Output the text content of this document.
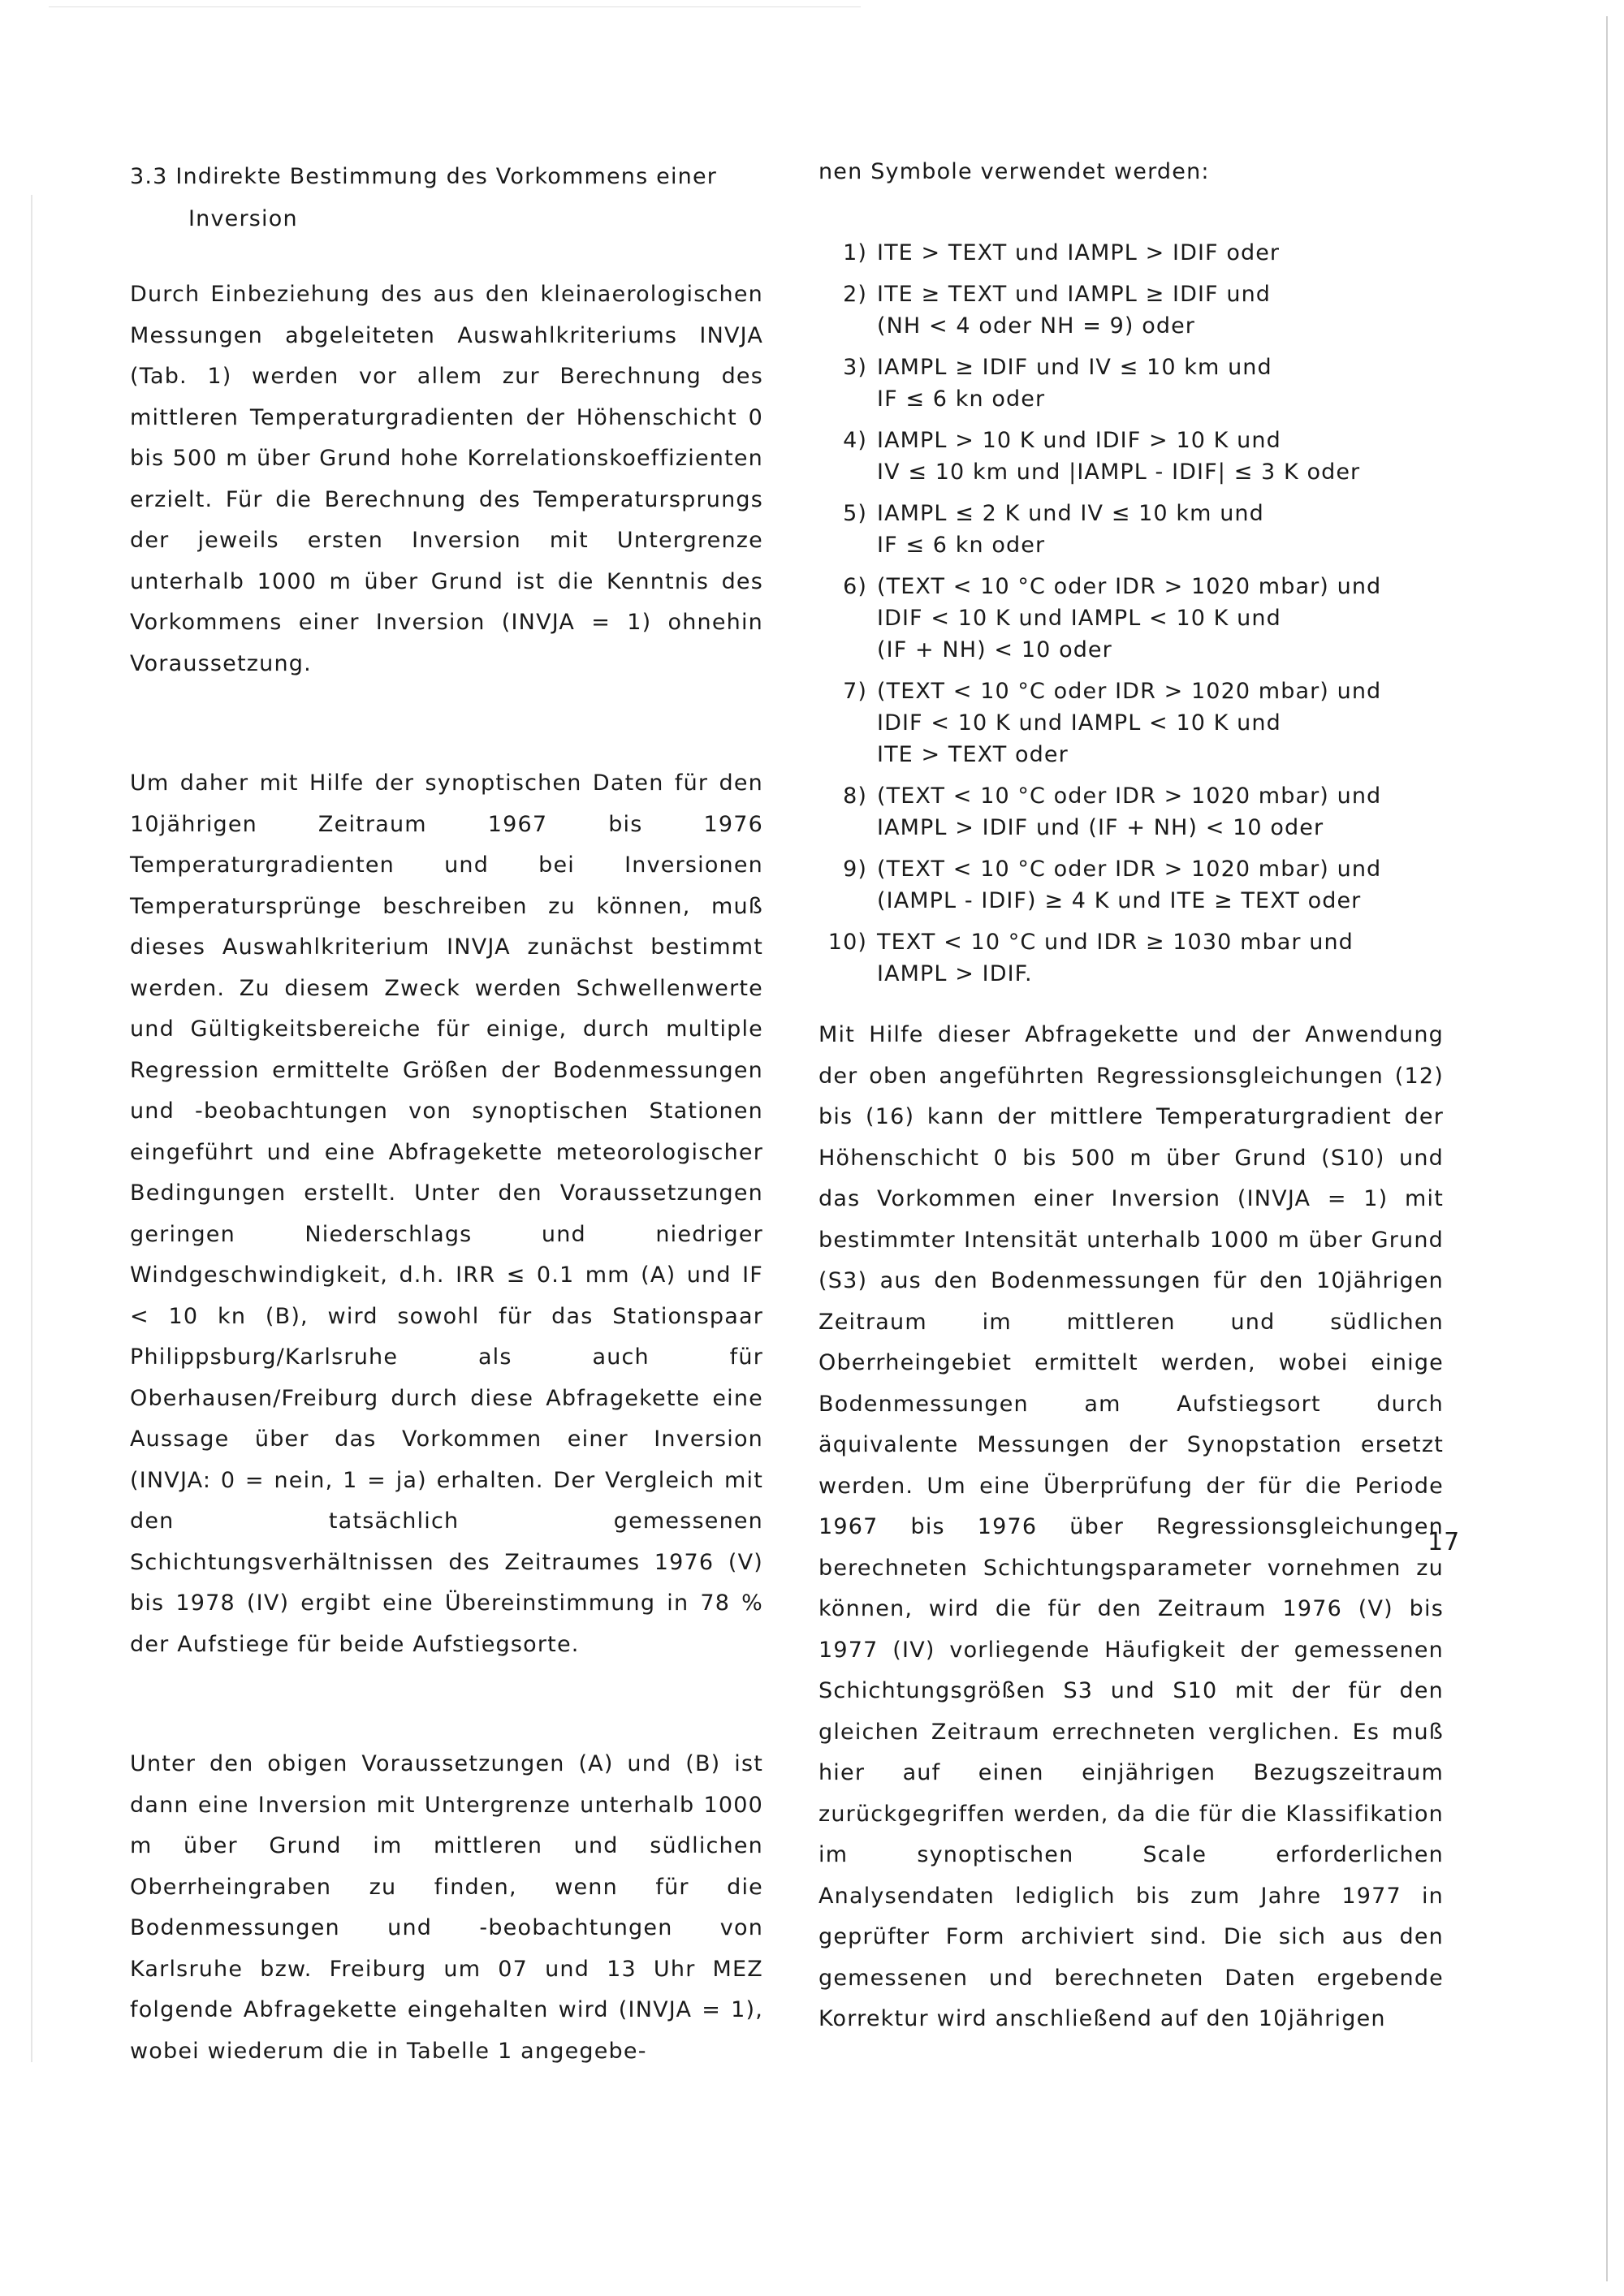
3.3 Indirekte Bestimmung des Vorkommens einer
Inversion

Durch Einbeziehung des aus den kleinaerologischen Messungen abgeleiteten Auswahlkriteriums INVJA (Tab. 1) werden vor allem zur Berechnung des mittleren Temperaturgradienten der Höhenschicht 0 bis 500 m über Grund hohe Korrelationskoeffizienten erzielt. Für die Berechnung des Temperatursprungs der jeweils ersten Inversion mit Untergrenze unterhalb 1000 m über Grund ist die Kenntnis des Vorkommens einer Inversion (INVJA = 1) ohnehin Voraussetzung.

Um daher mit Hilfe der synoptischen Daten für den 10jährigen Zeitraum 1967 bis 1976 Temperaturgradienten und bei Inversionen Temperatursprünge beschreiben zu können, muß dieses Auswahlkriterium INVJA zunächst bestimmt werden. Zu diesem Zweck werden Schwellenwerte und Gültigkeitsbereiche für einige, durch multiple Regression ermittelte Größen der Bodenmessungen und -beobachtungen von synoptischen Stationen eingeführt und eine Abfragekette meteorologischer Bedingungen erstellt. Unter den Voraussetzungen geringen Niederschlags und niedriger Windgeschwindigkeit, d.h. IRR ≤ 0.1 mm (A) und IF < 10 kn (B), wird sowohl für das Stationspaar Philippsburg/Karlsruhe als auch für Oberhausen/Freiburg durch diese Abfragekette eine Aussage über das Vorkommen einer Inversion (INVJA: 0 = nein, 1 = ja) erhalten. Der Vergleich mit den tatsächlich gemessenen Schichtungsverhältnissen des Zeitraumes 1976 (V) bis 1978 (IV) ergibt eine Übereinstimmung in 78 % der Aufstiege für beide Aufstiegsorte.

Unter den obigen Voraussetzungen (A) und (B) ist dann eine Inversion mit Untergrenze unterhalb 1000 m über Grund im mittleren und südlichen Oberrheingraben zu finden, wenn für die Bodenmessungen und -beobachtungen von Karlsruhe bzw. Freiburg um 07 und 13 Uhr MEZ folgende Abfragekette eingehalten wird (INVJA = 1), wobei wiederum die in Tabelle 1 angegebe-

nen Symbole verwendet werden:
1) ITE > TEXT und IAMPL > IDIF oder
2) ITE ≥ TEXT und IAMPL ≥ IDIF und
(NH < 4 oder NH = 9) oder
3) IAMPL ≥ IDIF und IV ≤ 10 km und
IF ≤ 6 kn oder
4) IAMPL > 10 K und IDIF > 10 K und
IV ≤ 10 km und |IAMPL - IDIF| ≤ 3 K oder
5) IAMPL ≤ 2 K und IV ≤ 10 km und
IF ≤ 6 kn oder
6) (TEXT < 10 °C oder IDR > 1020 mbar) und
IDIF < 10 K und IAMPL < 10 K und
(IF + NH) < 10 oder
7) (TEXT < 10 °C oder IDR > 1020 mbar) und
IDIF < 10 K und IAMPL < 10 K und
ITE > TEXT oder
8) (TEXT < 10 °C oder IDR > 1020 mbar) und
IAMPL > IDIF und (IF + NH) < 10 oder
9) (TEXT < 10 °C oder IDR > 1020 mbar) und
(IAMPL - IDIF) ≥ 4 K und ITE ≥ TEXT oder
10) TEXT < 10 °C und IDR ≥ 1030 mbar und
IAMPL > IDIF.

Mit Hilfe dieser Abfragekette und der Anwendung der oben angeführten Regressionsgleichungen (12) bis (16) kann der mittlere Temperaturgradient der Höhenschicht 0 bis 500 m über Grund (S10) und das Vorkommen einer Inversion (INVJA = 1) mit bestimmter Intensität unterhalb 1000 m über Grund (S3) aus den Bodenmessungen für den 10jährigen Zeitraum im mittleren und südlichen Oberrheingebiet ermittelt werden, wobei einige Bodenmessungen am Aufstiegsort durch äquivalente Messungen der Synopstation ersetzt werden. Um eine Überprüfung der für die Periode 1967 bis 1976 über Regressionsgleichungen berechneten Schichtungsparameter vornehmen zu können, wird die für den Zeitraum 1976 (V) bis 1977 (IV) vorliegende Häufigkeit der gemessenen Schichtungsgrößen S3 und S10 mit der für den gleichen Zeitraum errechneten verglichen. Es muß hier auf einen einjährigen Bezugszeitraum zurückgegriffen werden, da die für die Klassifikation im synoptischen Scale erforderlichen Analysendaten lediglich bis zum Jahre 1977 in geprüfter Form archiviert sind. Die sich aus den gemessenen und berechneten Daten ergebende Korrektur wird anschließend auf den 10jährigen

17
